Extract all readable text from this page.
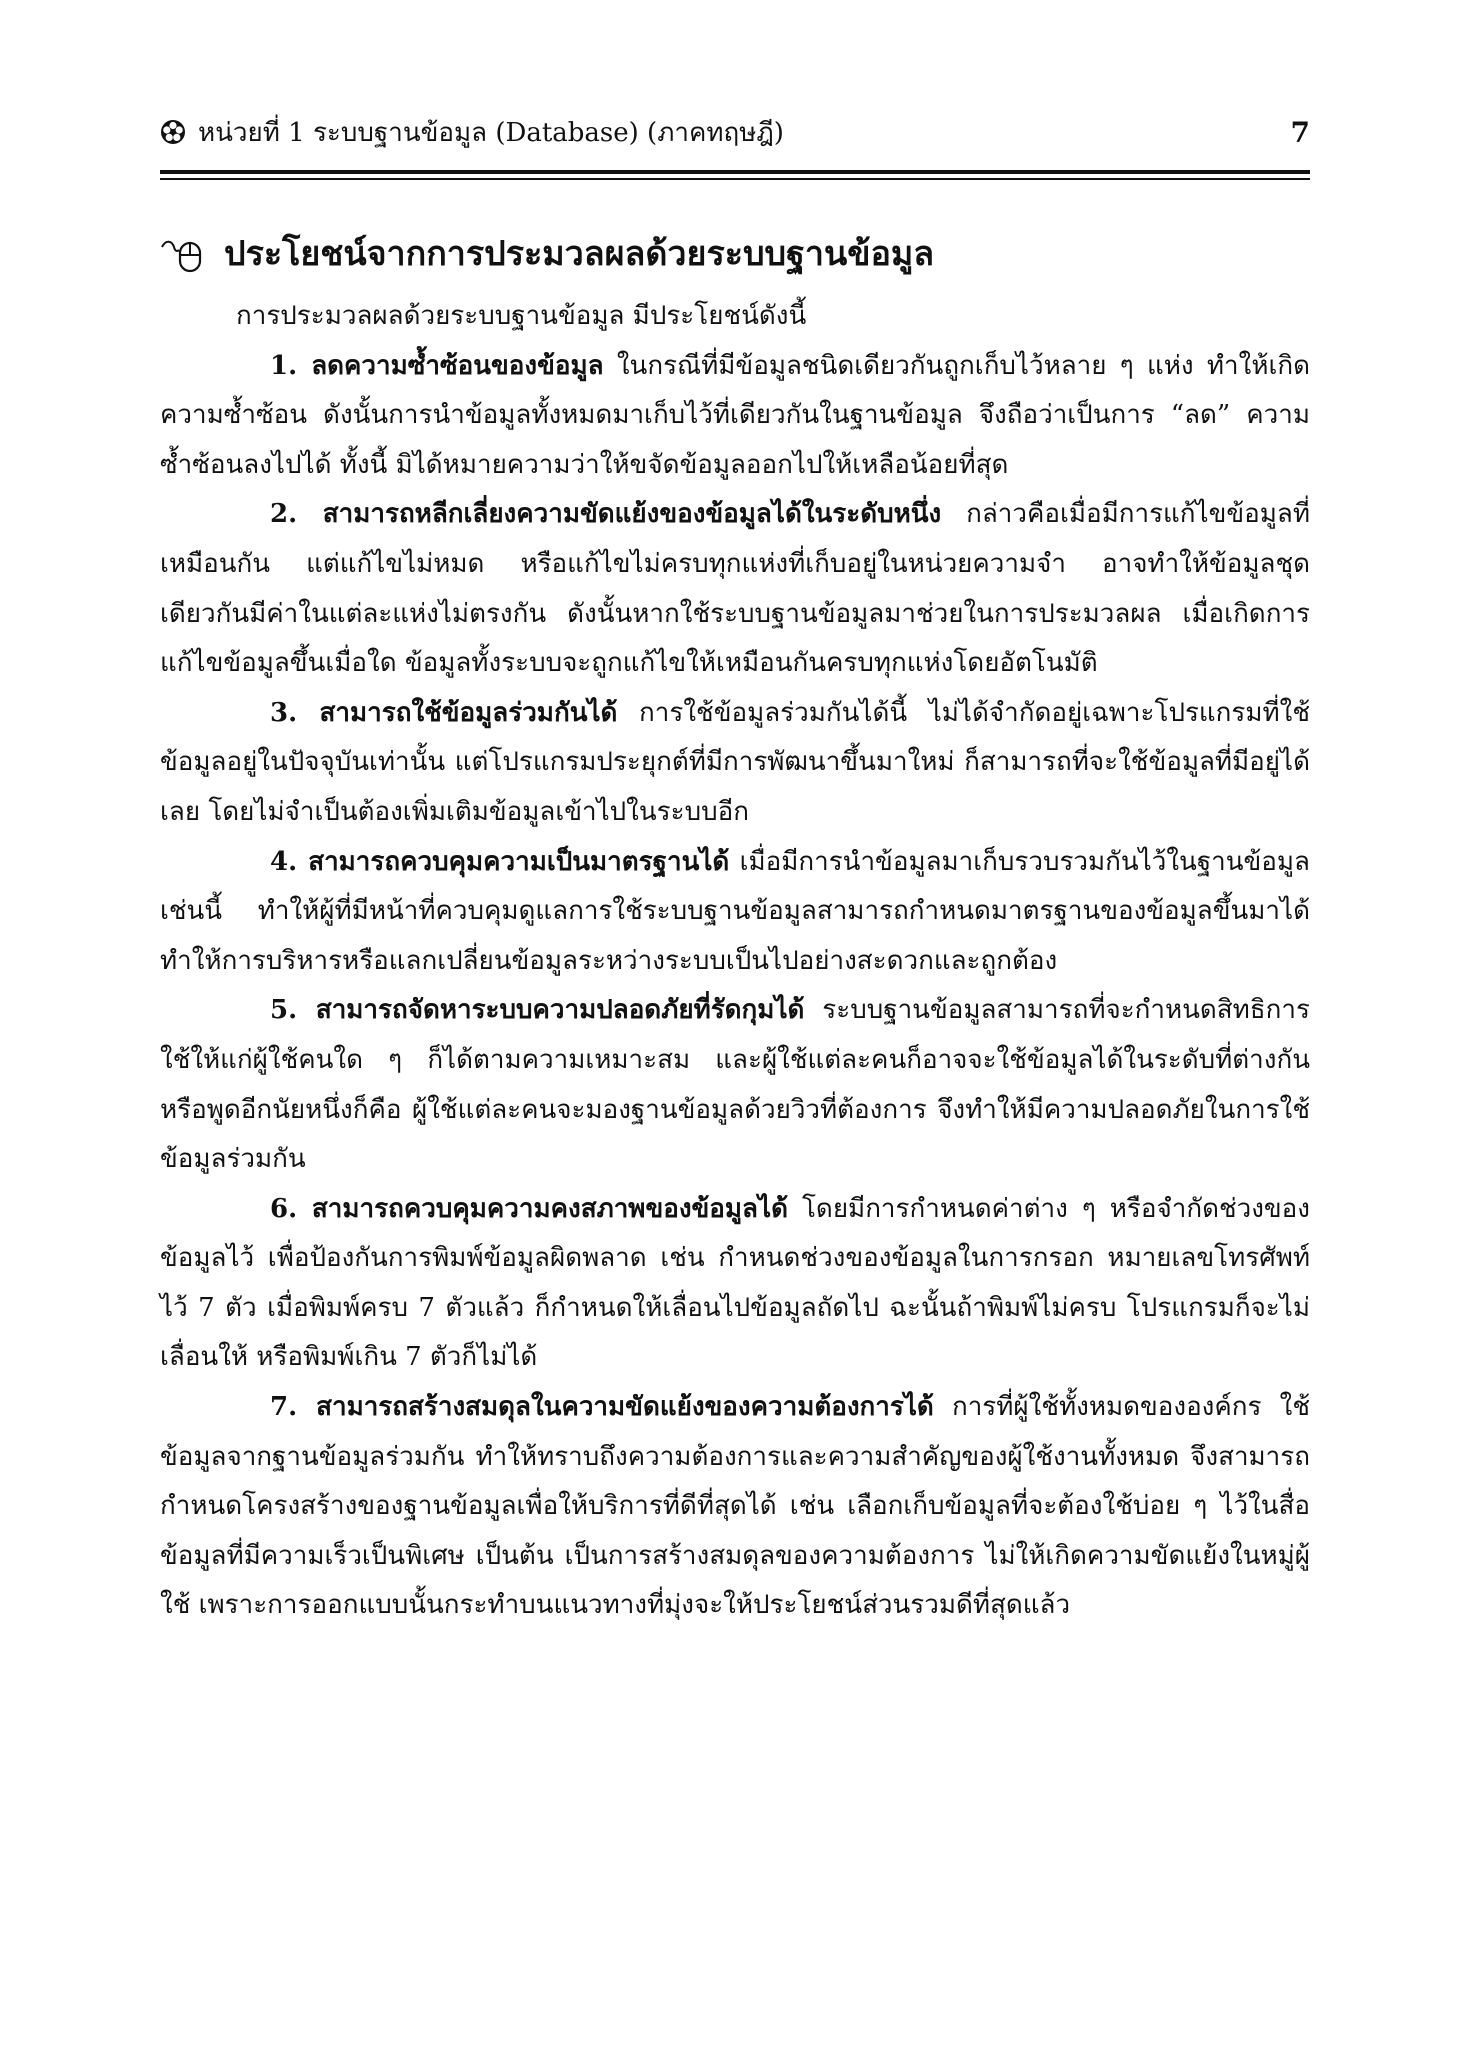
หน่วยที่ 1 ระบบฐานข้อมูล (Database) (ภาคทฤษฎี)	7
ประโยชน์จากการประมวลผลด้วยระบบฐานข้อมูล

การประมวลผลด้วยระบบฐานข้อมูล มีประโยชน์ดังนี้

1. ลดความซ้ำซ้อนของข้อมูล ในกรณีที่มีข้อมูลชนิดเดียวกันถูกเก็บไว้หลาย ๆ แห่ง ทำให้เกิดความซ้ำซ้อน ดังนั้นการนำข้อมูลทั้งหมดมาเก็บไว้ที่เดียวกันในฐานข้อมูล จึงถือว่าเป็นการ “ลด” ความซ้ำซ้อนลงไปได้ ทั้งนี้ มิได้หมายความว่าให้ขจัดข้อมูลออกไปให้เหลือน้อยที่สุด

2. สามารถหลีกเลี่ยงความขัดแย้งของข้อมูลได้ในระดับหนึ่ง กล่าวคือเมื่อมีการแก้ไขข้อมูลที่เหมือนกัน แต่แก้ไขไม่หมด หรือแก้ไขไม่ครบทุกแห่งที่เก็บอยู่ในหน่วยความจำ อาจทำให้ข้อมูลชุดเดียวกันมีค่าในแต่ละแห่งไม่ตรงกัน ดังนั้นหากใช้ระบบฐานข้อมูลมาช่วยในการประมวลผล เมื่อเกิดการแก้ไขข้อมูลขึ้นเมื่อใด ข้อมูลทั้งระบบจะถูกแก้ไขให้เหมือนกันครบทุกแห่งโดยอัตโนมัติ

3. สามารถใช้ข้อมูลร่วมกันได้ การใช้ข้อมูลร่วมกันได้นี้ ไม่ได้จำกัดอยู่เฉพาะโปรแกรมที่ใช้ข้อมูลอยู่ในปัจจุบันเท่านั้น แต่โปรแกรมประยุกต์ที่มีการพัฒนาขึ้นมาใหม่ ก็สามารถที่จะใช้ข้อมูลที่มีอยู่ได้เลย โดยไม่จำเป็นต้องเพิ่มเติมข้อมูลเข้าไปในระบบอีก

4. สามารถควบคุมความเป็นมาตรฐานได้ เมื่อมีการนำข้อมูลมาเก็บรวบรวมกันไว้ในฐานข้อมูลเช่นนี้ ทำให้ผู้ที่มีหน้าที่ควบคุมดูแลการใช้ระบบฐานข้อมูลสามารถกำหนดมาตรฐานของข้อมูลขึ้นมาได้ ทำให้การบริหารหรือแลกเปลี่ยนข้อมูลระหว่างระบบเป็นไปอย่างสะดวกและถูกต้อง

5. สามารถจัดหาระบบความปลอดภัยที่รัดกุมได้ ระบบฐานข้อมูลสามารถที่จะกำหนดสิทธิการใช้ให้แก่ผู้ใช้คนใด ๆ ก็ได้ตามความเหมาะสม และผู้ใช้แต่ละคนก็อาจจะใช้ข้อมูลได้ในระดับที่ต่างกัน หรือพูดอีกนัยหนึ่งก็คือ ผู้ใช้แต่ละคนจะมองฐานข้อมูลด้วยวิวที่ต้องการ จึงทำให้มีความปลอดภัยในการใช้ข้อมูลร่วมกัน

6. สามารถควบคุมความคงสภาพของข้อมูลได้ โดยมีการกำหนดค่าต่าง ๆ หรือจำกัดช่วงของข้อมูลไว้ เพื่อป้องกันการพิมพ์ข้อมูลผิดพลาด เช่น กำหนดช่วงของข้อมูลในการกรอก หมายเลขโทรศัพท์ไว้ 7 ตัว เมื่อพิมพ์ครบ 7 ตัวแล้ว ก็กำหนดให้เลื่อนไปข้อมูลถัดไป ฉะนั้นถ้าพิมพ์ไม่ครบ โปรแกรมก็จะไม่เลื่อนให้ หรือพิมพ์เกิน 7 ตัวก็ไม่ได้

7. สามารถสร้างสมดุลในความขัดแย้งของความต้องการได้ การที่ผู้ใช้ทั้งหมดขององค์กร ใช้ข้อมูลจากฐานข้อมูลร่วมกัน ทำให้ทราบถึงความต้องการและความสำคัญของผู้ใช้งานทั้งหมด จึงสามารถกำหนดโครงสร้างของฐานข้อมูลเพื่อให้บริการที่ดีที่สุดได้ เช่น เลือกเก็บข้อมูลที่จะต้องใช้บ่อย ๆ ไว้ในสื่อข้อมูลที่มีความเร็วเป็นพิเศษ เป็นต้น เป็นการสร้างสมดุลของความต้องการ ไม่ให้เกิดความขัดแย้งในหมู่ผู้ใช้ เพราะการออกแบบนั้นกระทำบนแนวทางที่มุ่งจะให้ประโยชน์ส่วนรวมดีที่สุดแล้ว
